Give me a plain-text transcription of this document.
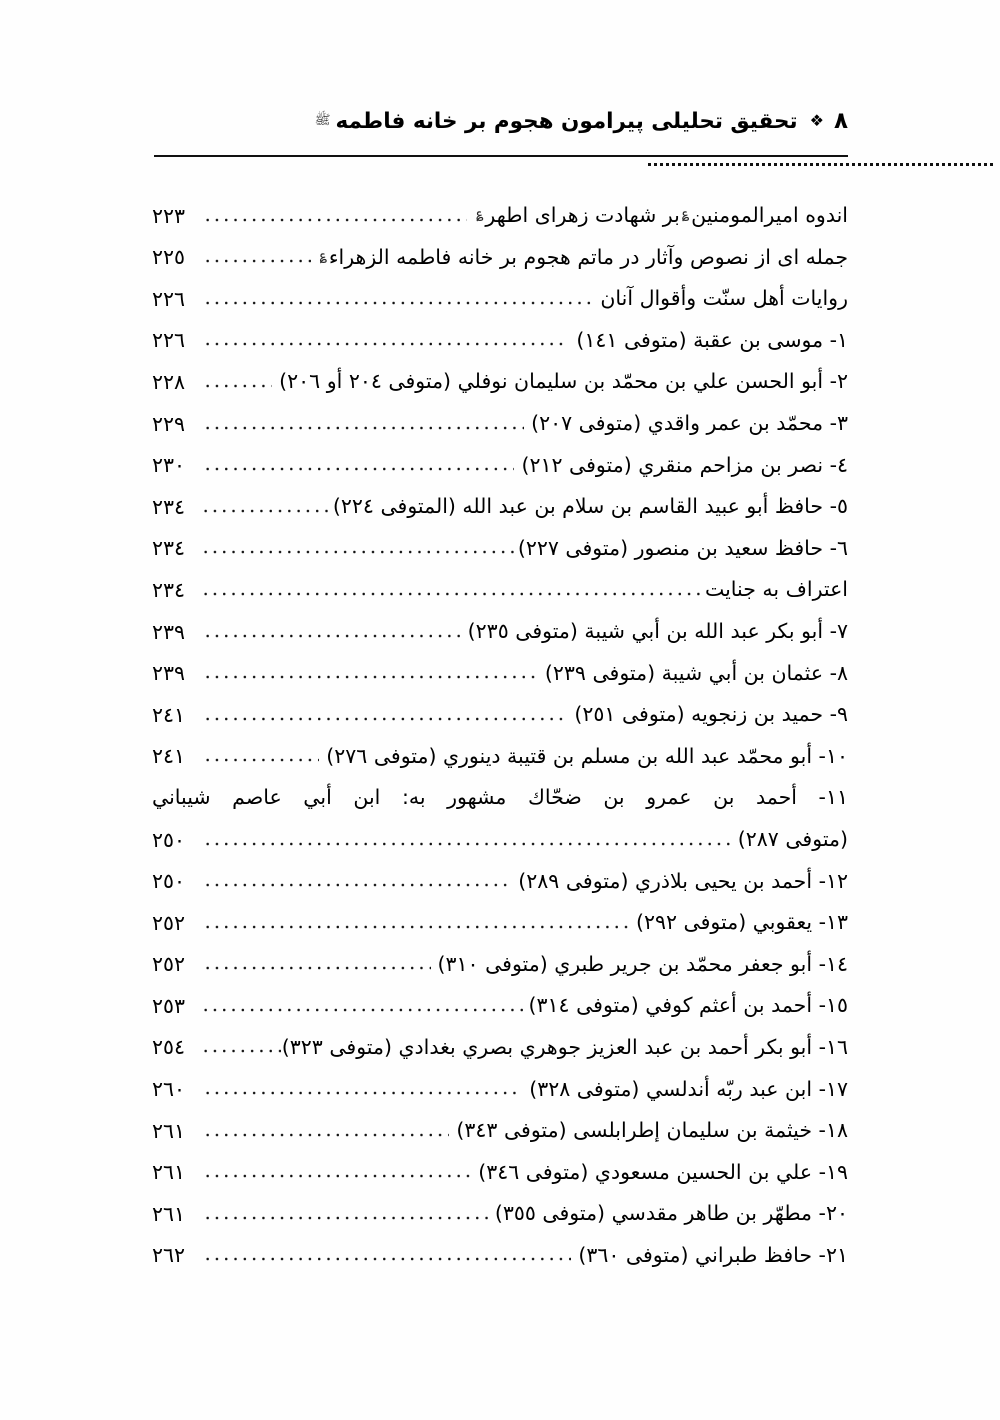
٨
❖
تحقیق تحلیلی پیرامون هجوم بر خانه فاطمه
ﷺ
اندوه امیرالمومنین؏بر شهادت زهرای اطهر؏
٢٢٣
جمله ای از نصوص وآثار در ماتم هجوم بر خانه فاطمه الزهراء؏
٢٢٥
روایات أهل سنّت وأقوال آنان
٢٢٦
١- موسی بن عقبة (متوفی ١٤١)
٢٢٦
٢- أبو الحسن علي بن محمّد بن سليمان نوفلي (متوفی ٢٠٤ أو ٢٠٦)
٢٢٨
٣- محمّد بن عمر واقدي (متوفی ٢٠٧)
٢٢٩
٤- نصر بن مزاحم منقري (متوفی ٢١٢)
٢٣٠
٥- حافظ أبو عبيد القاسم بن سلام بن عبد الله (المتوفی ٢٢٤)
٢٣٤
٦- حافظ سعيد بن منصور (متوفی ٢٢٧)
٢٣٤
اعتراف به جنایت
٢٣٤
٧- أبو بكر عبد الله بن أبي شيبة (متوفی ٢٣٥)
٢٣٩
٨- عثمان بن أبي شيبة (متوفی ٢٣٩)
٢٣٩
٩- حميد بن زنجويه (متوفی ٢٥١)
٢٤١
١٠- أبو محمّد عبد الله بن مسلم بن قتيبة دينوري (متوفی ٢٧٦)
٢٤١
١١- أحمد بن عمرو بن ضحّاك مشهور به: ابن أبي عاصم شيباني
(متوفی ٢٨٧)
٢٥٠
١٢- أحمد بن يحيى بلاذري (متوفی ٢٨٩)
٢٥٠
١٣- يعقوبي (متوفی ٢٩٢)
٢٥٢
١٤- أبو جعفر محمّد بن جرير طبري (متوفی ٣١٠)
٢٥٢
١٥- أحمد بن أعثم كوفي (متوفی ٣١٤)
٢٥٣
١٦- أبو بكر أحمد بن عبد العزيز جوهري بصري بغدادي (متوفی ٣٢٣)
٢٥٤
١٧- ابن عبد ربّه أندلسي (متوفی ٣٢٨)
٢٦٠
١٨- خيثمة بن سليمان إطرابلسی (متوفی ٣٤٣)
٢٦١
١٩- علي بن الحسين مسعودي (متوفی ٣٤٦)
٢٦١
٢٠- مطهّر بن طاهر مقدسي (متوفی ٣٥٥)
٢٦١
٢١- حافظ طبراني (متوفی ٣٦٠)
٢٦٢
